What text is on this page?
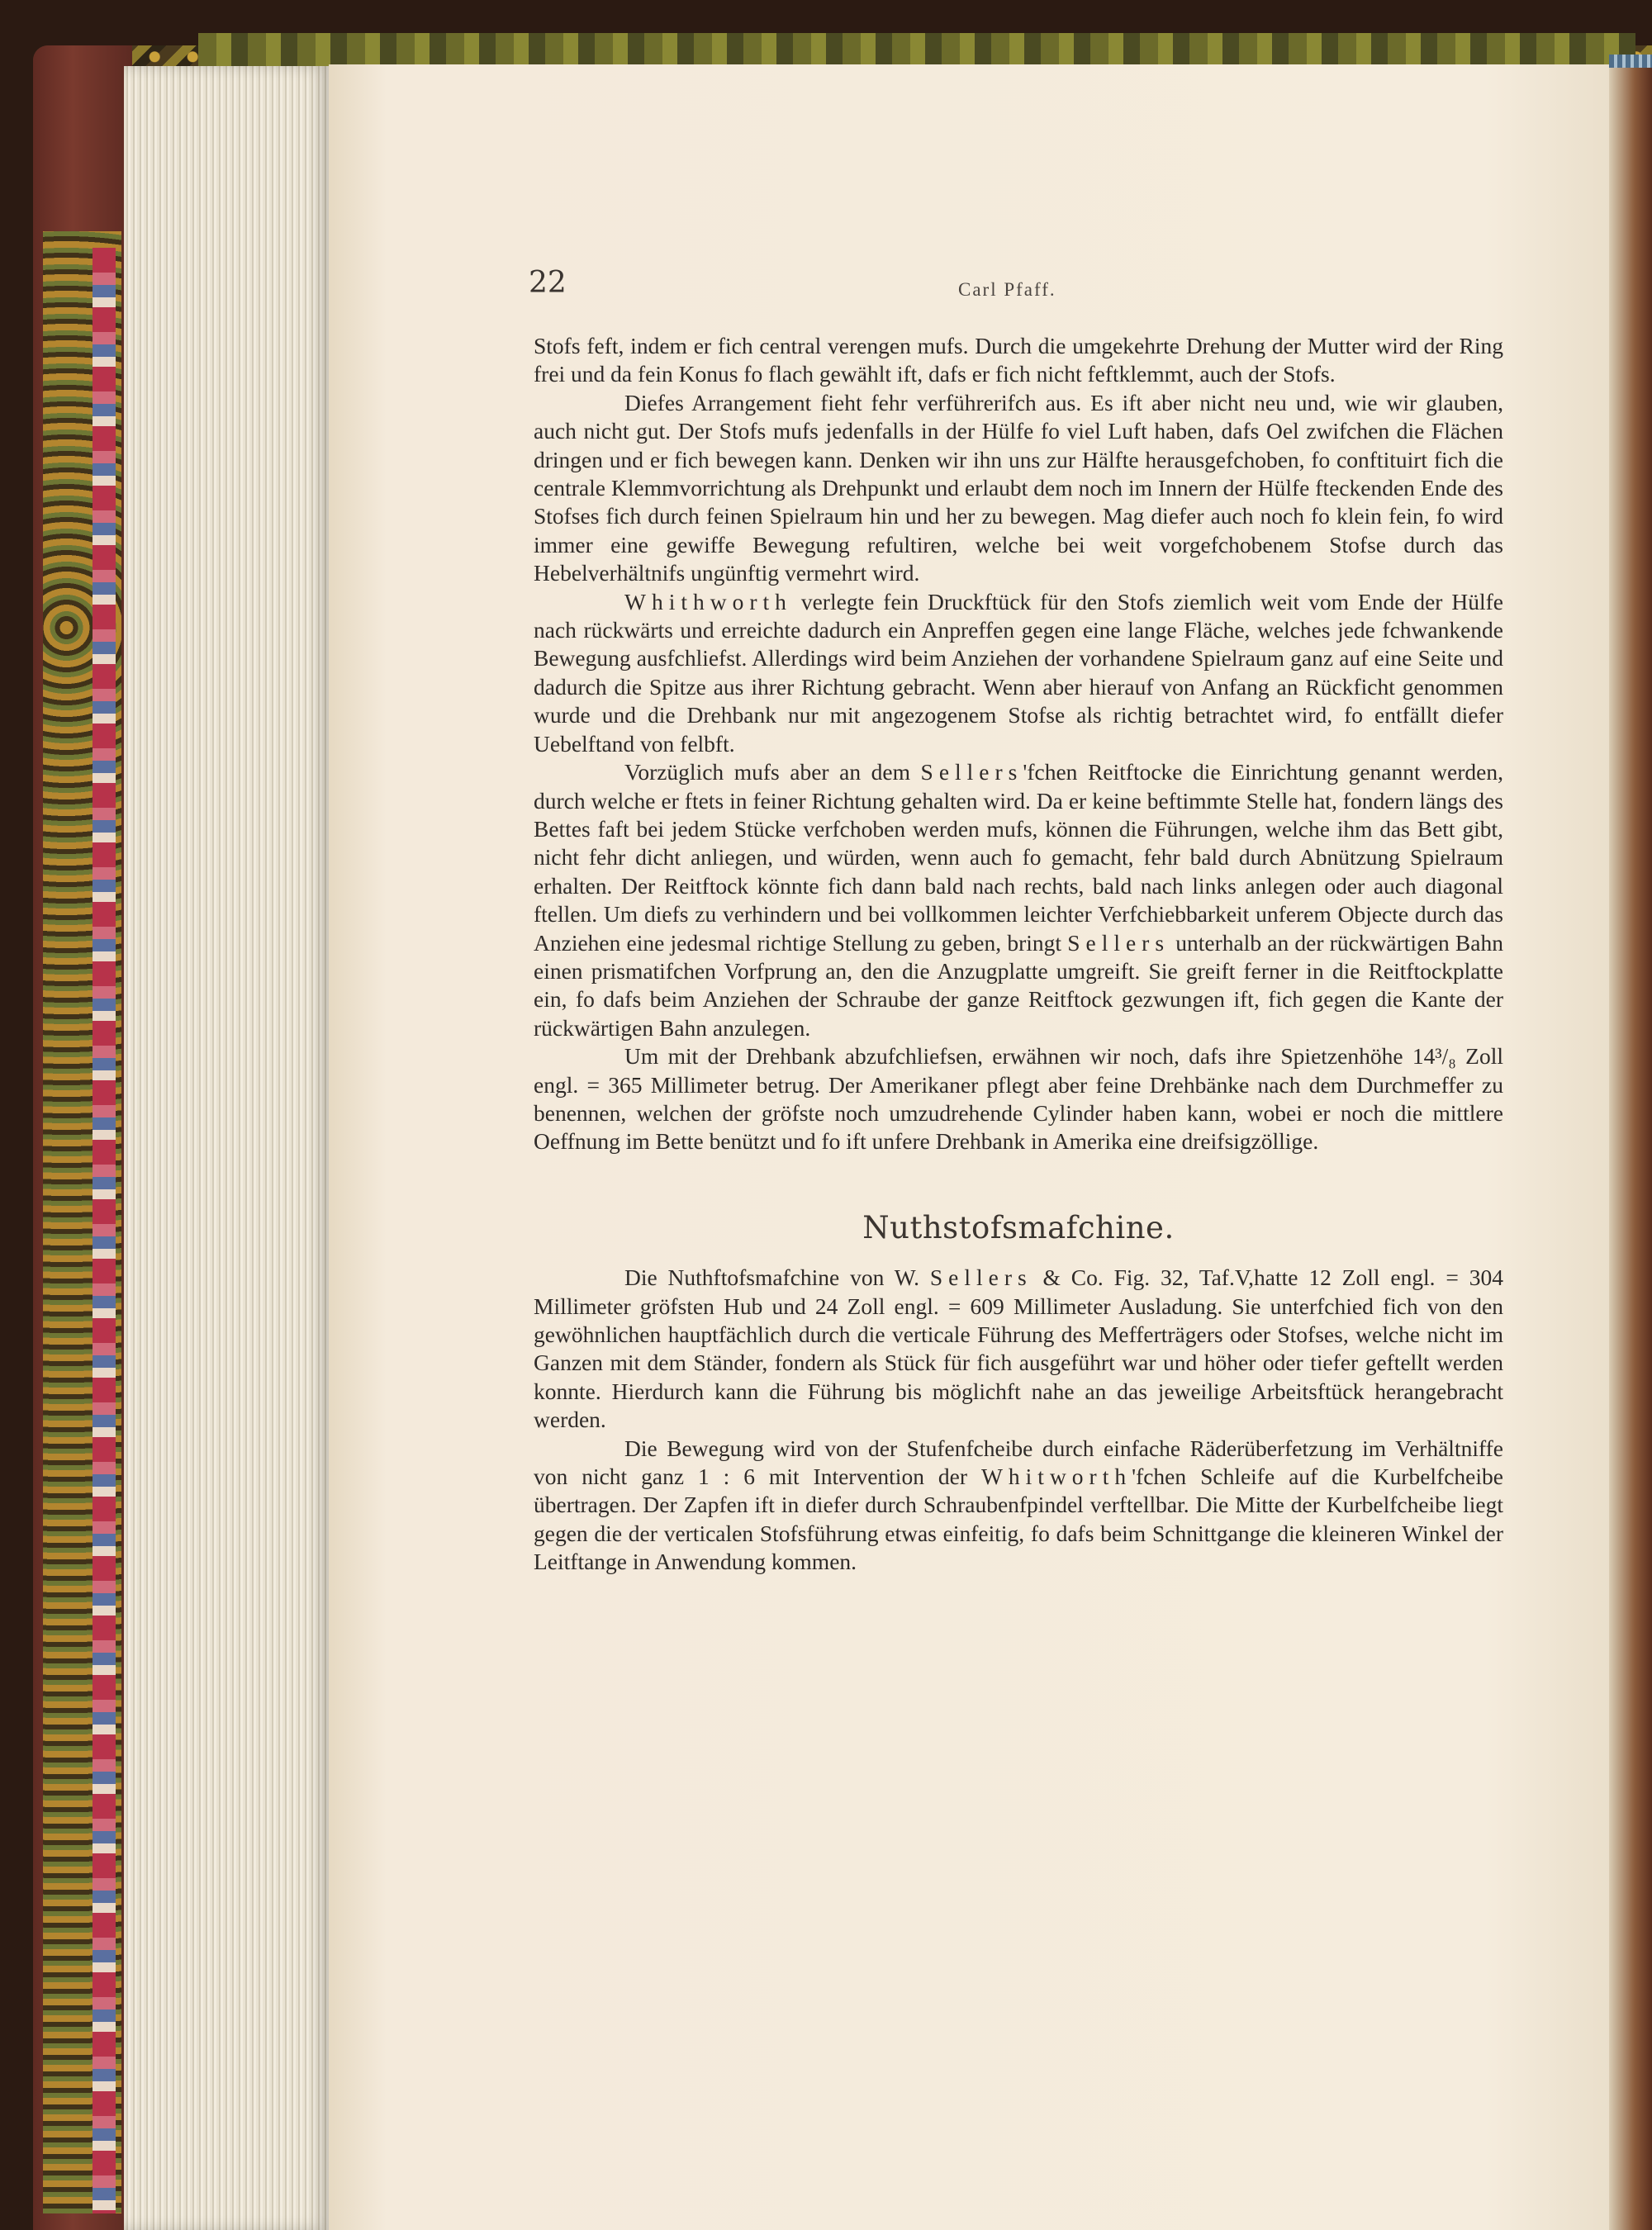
22	Carl Pfaff.

Stofs feft, indem er fich central verengen mufs. Durch die umgekehrte Drehung der Mutter wird der Ring frei und da fein Konus fo flach gewählt ift, dafs er fich nicht feftklemmt, auch der Stofs.

Diefes Arrangement fieht fehr verführerifch aus. Es ift aber nicht neu und, wie wir glauben, auch nicht gut. Der Stofs mufs jedenfalls in der Hülfe fo viel Luft haben, dafs Oel zwifchen die Flächen dringen und er fich bewegen kann. Denken wir ihn uns zur Hälfte herausgefchoben, fo conftituirt fich die centrale Klemmvorrichtung als Drehpunkt und erlaubt dem noch im Innern der Hülfe fteckenden Ende des Stofses fich durch feinen Spielraum hin und her zu bewegen. Mag diefer auch noch fo klein fein, fo wird immer eine gewiffe Bewegung refultiren, welche bei weit vorgefchobenem Stofse durch das Hebelverhältnifs ungünftig vermehrt wird.

Whithworth verlegte fein Druckftück für den Stofs ziemlich weit vom Ende der Hülfe nach rückwärts und erreichte dadurch ein Anpreffen gegen eine lange Fläche, welches jede fchwankende Bewegung ausfchliefst. Allerdings wird beim Anziehen der vorhandene Spielraum ganz auf eine Seite und dadurch die Spitze aus ihrer Richtung gebracht. Wenn aber hierauf von Anfang an Rückficht genommen wurde und die Drehbank nur mit angezogenem Stofse als richtig betrachtet wird, fo entfällt diefer Uebelftand von felbft.

Vorzüglich mufs aber an dem Sellers'fchen Reitftocke die Einrichtung genannt werden, durch welche er ftets in feiner Richtung gehalten wird. Da er keine beftimmte Stelle hat, fondern längs des Bettes faft bei jedem Stücke verfchoben werden mufs, können die Führungen, welche ihm das Bett gibt, nicht fehr dicht anliegen, und würden, wenn auch fo gemacht, fehr bald durch Abnützung Spielraum erhalten. Der Reitftock könnte fich dann bald nach rechts, bald nach links anlegen oder auch diagonal ftellen. Um diefs zu verhindern und bei vollkommen leichter Verfchiebbarkeit unferem Objecte durch das Anziehen eine jedesmal richtige Stellung zu geben, bringt Sellers unterhalb an der rückwärtigen Bahn einen prismatifchen Vorfprung an, den die Anzugplatte umgreift. Sie greift ferner in die Reitftockplatte ein, fo dafs beim Anziehen der Schraube der ganze Reitftock gezwungen ift, fich gegen die Kante der rückwärtigen Bahn anzulegen.

Um mit der Drehbank abzufchliefsen, erwähnen wir noch, dafs ihre Spietzenhöhe 14³/₈ Zoll engl. = 365 Millimeter betrug. Der Amerikaner pflegt aber feine Drehbänke nach dem Durchmeffer zu benennen, welchen der gröfste noch umzudrehende Cylinder haben kann, wobei er noch die mittlere Oeffnung im Bette benützt und fo ift unfere Drehbank in Amerika eine dreifsigzöllige.

Nuthstofsmafchine.

Die Nuthftofsmafchine von W. Sellers & Co. Fig. 32, Taf.V,hatte 12 Zoll engl. = 304 Millimeter gröfsten Hub und 24 Zoll engl. = 609 Millimeter Ausladung. Sie unterfchied fich von den gewöhnlichen hauptfächlich durch die verticale Führung des Mefferträgers oder Stofses, welche nicht im Ganzen mit dem Ständer, fondern als Stück für fich ausgeführt war und höher oder tiefer geftellt werden konnte. Hierdurch kann die Führung bis möglichft nahe an das jeweilige Arbeitsftück herangebracht werden.

Die Bewegung wird von der Stufenfcheibe durch einfache Räderüberfetzung im Verhältniffe von nicht ganz 1 : 6 mit Intervention der Whitworth'fchen Schleife auf die Kurbelfcheibe übertragen. Der Zapfen ift in diefer durch Schraubenfpindel verftellbar. Die Mitte der Kurbelfcheibe liegt gegen die der verticalen Stofsführung etwas einfeitig, fo dafs beim Schnittgange die kleineren Winkel der Leitftange in Anwendung kommen.
